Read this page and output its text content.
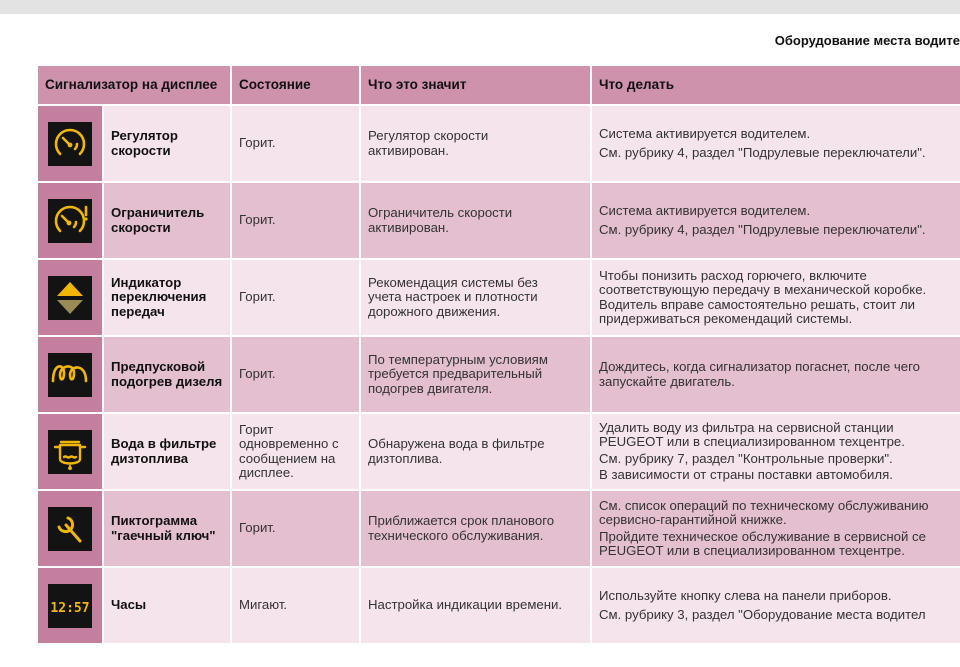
Оборудование места водите
Сигнализатор на дисплее		Состояние	Что это значит	Что делать

	Регулятор скорости	Горит.	Регулятор скорости
активирован.	Система активируется водителем.
См. рубрику 4, раздел "Подрулевые переключатели".

	Ограничитель скорости	Горит.	Ограничитель скорости
активирован.	Система активируется водителем.
См. рубрику 4, раздел "Подрулевые переключатели".

	Индикатор переключения передач	Горит.	Рекомендация системы без
учета настроек и плотности
дорожного движения.	Чтобы понизить расход горючего, включите
соответствующую передачу в механической коробке.
Водитель вправе самостоятельно решать, стоит ли
придерживаться рекомендаций системы.

	Предпусковой подогрев дизеля	Горит.	По температурным условиям
требуется предварительный
подогрев двигателя.	Дождитесь, когда сигнализатор погаснет, после чего
запускайте двигатель.

	Вода в фильтре дизтоплива	Горит
одновременно с
сообщением на
дисплее.	Обнаружена вода в фильтре
дизтоплива.	Удалить воду из фильтра на сервисной станции
PEUGEOT или в специализированном техцентре.
См. рубрику 7, раздел "Контрольные проверки".
В зависимости от страны поставки автомобиля.

	Пиктограмма "гаечный ключ"	Горит.	Приближается срок планового
технического обслуживания.	См. список операций по техническому обслуживанию
сервисно-гарантийной книжке.
Пройдите техническое обслуживание в сервисной се
PEUGEOT или в специализированном техцентре.

12:57	Часы	Мигают.	Настройка индикации времени.	Используйте кнопку слева на панели приборов.
См. рубрику 3, раздел "Оборудование места водител
